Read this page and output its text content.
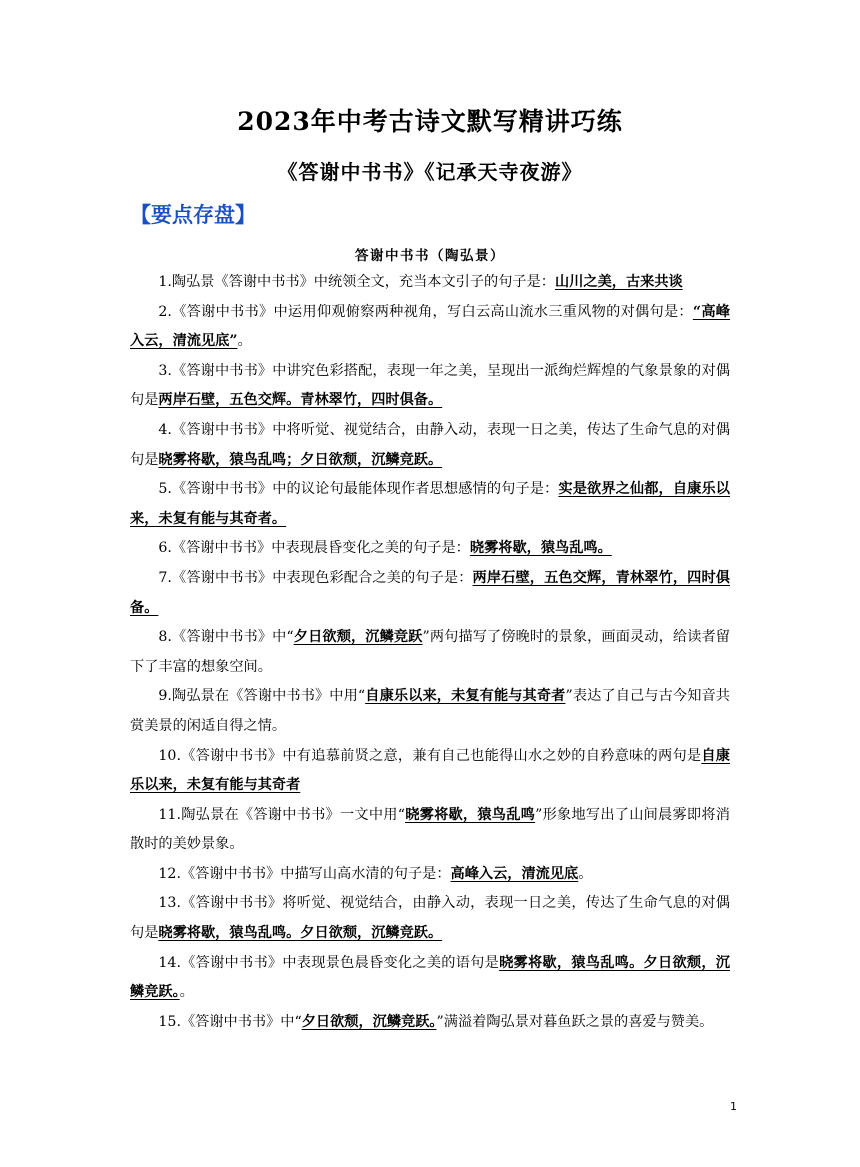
2023年中考古诗文默写精讲巧练
《答谢中书书》《记承天寺夜游》
【要点存盘】
答谢中书书（陶弘景）
1.陶弘景《答谢中书书》中统领全文，充当本文引子的句子是：山川之美，古来共谈
2.《答谢中书书》中运用仰观俯察两种视角，写白云高山流水三重风物的对偶句是：“高峰入云，清流见底”。
3.《答谢中书书》中讲究色彩搭配，表现一年之美，呈现出一派绚烂辉煌的气象景象的对偶句是两岸石壁，五色交辉。青林翠竹，四时俱备。
4.《答谢中书书》中将听觉、视觉结合，由静入动，表现一日之美，传达了生命气息的对偶句是晓雾将歇，猿鸟乱鸣；夕日欲颓，沉鳞竞跃。
5.《答谢中书书》中的议论句最能体现作者思想感情的句子是：实是欲界之仙都，自康乐以来，未复有能与其奇者。
6.《答谢中书书》中表现晨昏变化之美的句子是：晓雾将歇，猿鸟乱鸣。
7.《答谢中书书》中表现色彩配合之美的句子是：两岸石壁，五色交辉，青林翠竹，四时俱备。
8.《答谢中书书》中“夕日欲颓，沉鳞竞跃”两句描写了傍晚时的景象，画面灵动，给读者留下了丰富的想象空间。
9.陶弘景在《答谢中书书》中用“自康乐以来，未复有能与其奇者”表达了自己与古今知音共赏美景的闲适自得之情。
10.《答谢中书书》中有追慕前贤之意，兼有自己也能得山水之妙的自矜意味的两句是自康乐以来，未复有能与其奇者
11.陶弘景在《答谢中书书》一文中用“晓雾将歇，猿鸟乱鸣”形象地写出了山间晨雾即将消散时的美妙景象。
12.《答谢中书书》中描写山高水清的句子是：高峰入云，清流见底。
13.《答谢中书书》将听觉、视觉结合，由静入动，表现一日之美，传达了生命气息的对偶句是晓雾将歇，猿鸟乱鸣。夕日欲颓，沉鳞竞跃。
14.《答谢中书书》中表现景色晨昏变化之美的语句是晓雾将歇，猿鸟乱鸣。夕日欲颓，沉鳞竞跃。。
15.《答谢中书书》中“夕日欲颓，沉鳞竞跃。”满溢着陶弘景对暮鱼跃之景的喜爱与赞美。
1
